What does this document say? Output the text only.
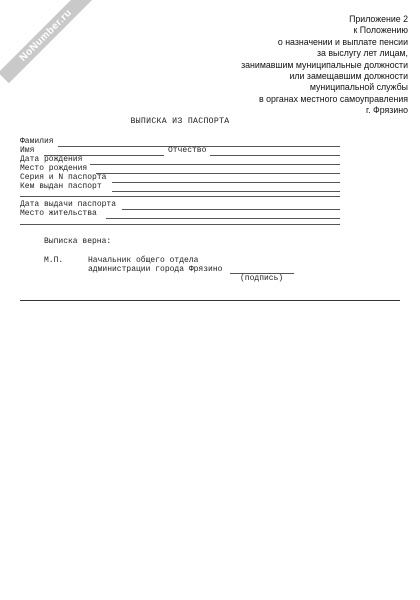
NoNumber.ru	Приложение 2
к Положению
о назначении и выплате пенсии
за выслугу лет лицам,
занимавшим муниципальные должности
или замещавшим должности
муниципальной службы
в органах местного самоуправления
г. Фрязино
ВЫПИСКА ИЗ ПАСПОРТА
Фамилия
Имя	Отчество
Дата рождения
Место рождения
Серия и N паспорта
Кем выдан паспорт
Дата выдачи паспорта
Место жительства
Выписка верна:
М.П.	Начальник общего отдела
администрации города Фрязино
(подпись)
